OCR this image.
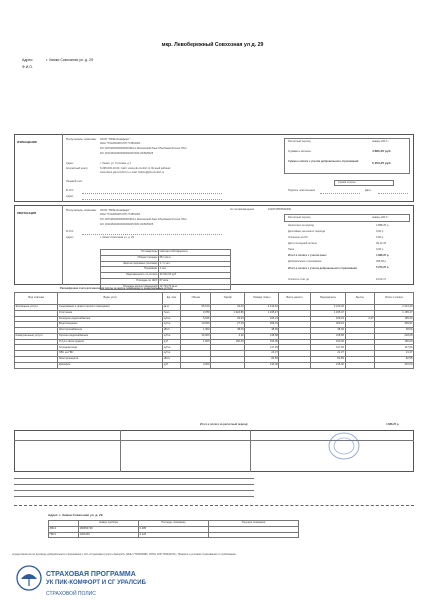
мкр. Левобережный Совхозная ул д. 29
Адрес:	г. Химки Совхозная ул. д. 29
Ф.И.О.
ИЗВЕЩЕНИЕ
Получатель платежа ООО "ПИК-Комфорт"
ИНН 7701208190 КПП 772801001
Р/С 40702810000000000364 в Московский банк Сбербанка России ПАО
К/С 30101810400000000225 БИК 044525225
Адрес	г. Химки, ул. Гоголева, д.7
Контактный центр	8-495-649-10-03, Сайт: www.pik-comfort.ru Личный кабинет:
www.client.pik-comfort.ru e-mail: hotline@pik-comfort.ru
Лицевой счет:
Ф.И.О.
Адрес
Расчетный период:	январь 2017 г.
Сумма к оплате:	4 880,25 руб.
Сумма к оплате с учетом добровольного страхования:	5 253,25 руб.
Сумма оплаты
Подпись плательщика	Дата
КВИТАНЦИЯ
Получатель платежа ООО "ПИК-Комфорт"
ИНН 7701208190 КПП 772801001
Р/С 40702810000000000364 в Московский банк Сбербанка России ПАО
К/С 30101810400000000225 БИК 044525225
Ф.И.О.
Адрес	г. Химки Совхозная ул. д. 29
Тип квартиры	Частная собственность
Общая площадь	65,1 кв.м.
Зарегистрировано (человек)	1 / 1 чел.
Проживает	1 чел.
Задолженность по оплате	33 042,00 руб.
Площадь по ЖКУ	67 кв.м.
Площадь жилых помещений	12 734,70 кв.м.
№ счета/извещения	1026715509902000
Расчетный период	январь 2017 г.
Начислено за период	4 888,25 р.
Долг/аванс на начало периода	0,00 р.
Оплачено на ЛС	0,00 р.
Дата последней оплаты	09.12.16
Пени	0,00 р.
Итого к оплате с учетом пени:	4 888,25 р.
Добровольное страхование	365,00 р.
Итого к оплате с учетом добровольного страхования	5 253,25 р.
Оплатить счет до	10.02.17
Расшифровка счета для внесения платы за жилое помещение и коммунальные услуги
Вид платежа	Виды услуг	Ед. изм.	Объем	Тариф	Размер платы	Всего начисл.	Перерасчеты	Льготы	Итого к оплате
Жилищные услуги	Содержание и ремонт жилого помещения	кв.м	65,100	34,00	2 213,40		2 213,40		2 213,40
	Отопление	Гкал	0,789	1 924,86	1 165,47		1 165,47		1 165,47
	Холодное водоснабжение	куб.м	5,026	33,03	165,24		165,24	0,27	165,24
	Водоотведение	куб.м	10,000	27,45	269,91		269,91		269,91
	Электроснабжение	кВт/ч	1,450	38,06	38,06		38,06		38,06
Коммунальные услуги	Горячее водоснабжение	куб.м	40,000	4,20	218,68		218,68		218,68
	Услуги связи (радио)	руб.	1,000	150,00	150,00		150,00		150,00
	Холодная вода	куб.м			117,06		117,06		117,06
	ХВС на ГВС	куб.м			21,37		21,37		21,37
	Электроэнергия	кВт/ч			82,55		82,55		82,55
	Домофон	руб.	3,000		215,00		215,00		215,00
Итого к оплате за расчетный период:	4 888,25 р.
Адрес: г. Химки Совхозная ул. д. 29
	Номер прибора	Последн. показание	Текущие показания
ХВС1	180654728	0,285	
ГВС1	1001209	3,126	
осуществляется по договору добровольного страхования с АО «Страховая группа «Уралсиб» (ИНН 7703032986, ОГРН 1027739022371). Правила и условия страхования по требованию...
СТРАХОВАЯ ПРОГРАММА
УК ПИК-КОМФОРТ И СГ УРАЛСИБ
СТРАХОВОЙ ПОЛИС
